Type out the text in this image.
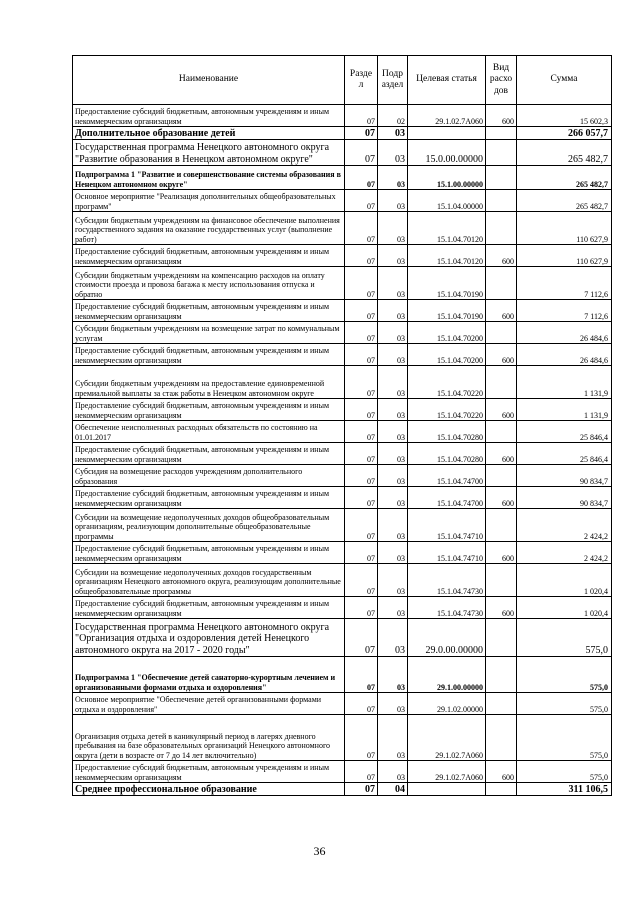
Наименование	Разде л	Подр аздел	Целевая статья	Вид расхо дов	Сумма
Предоставление субсидий бюджетным, автономным учреждениям и иным некоммерческим организациям	07	02	29.1.02.7А060	600	15 602,3
Дополнительное образование детей	07	03			266 057,7
Государственная программа Ненецкого автономного округа "Развитие образования в Ненецком автономном округе"	07	03	15.0.00.00000		265 482,7
Подпрограмма 1 "Развитие и совершенствование системы образования в Ненецком автономном округе"	07	03	15.1.00.00000		265 482,7
Основное мероприятие "Реализация дополнительных общеобразовательных программ"	07	03	15.1.04.00000		265 482,7
Субсидии бюджетным учреждениям на финансовое обеспечение выполнения государственного задания на оказание государственных услуг (выполнение работ)	07	03	15.1.04.70120		110 627,9
Предоставление субсидий бюджетным, автономным учреждениям и иным некоммерческим организациям	07	03	15.1.04.70120	600	110 627,9
Субсидии бюджетным учреждениям на компенсацию расходов на оплату стоимости проезда и провоза багажа к месту использования отпуска и обратно	07	03	15.1.04.70190		7 112,6
Предоставление субсидий бюджетным, автономным учреждениям и иным некоммерческим организациям	07	03	15.1.04.70190	600	7 112,6
Субсидии бюджетным учреждениям на возмещение затрат по коммунальным услугам	07	03	15.1.04.70200		26 484,6
Предоставление субсидий бюджетным, автономным учреждениям и иным некоммерческим организациям	07	03	15.1.04.70200	600	26 484,6
Субсидии бюджетным учреждениям на предоставление единовременной премиальной выплаты за стаж работы в Ненецком автономном округе	07	03	15.1.04.70220		1 131,9
Предоставление субсидий бюджетным, автономным учреждениям и иным некоммерческим организациям	07	03	15.1.04.70220	600	1 131,9
Обеспечение неисполненных расходных обязательств по состоянию на 01.01.2017	07	03	15.1.04.70280		25 846,4
Предоставление субсидий бюджетным, автономным учреждениям и иным некоммерческим организациям	07	03	15.1.04.70280	600	25 846,4
Субсидия на возмещение расходов учреждениям дополнительного образования	07	03	15.1.04.74700		90 834,7
Предоставление субсидий бюджетным, автономным учреждениям и иным некоммерческим организациям	07	03	15.1.04.74700	600	90 834,7
Субсидии на возмещение недополученных доходов общеобразовательным организациям, реализующим дополнительные общеобразовательные программы	07	03	15.1.04.74710		2 424,2
Предоставление субсидий бюджетным, автономным учреждениям и иным некоммерческим организациям	07	03	15.1.04.74710	600	2 424,2
Субсидии на возмещение недополученных доходов государственным организациям Ненецкого автономного округа, реализующим дополнительные общеобразовательные программы	07	03	15.1.04.74730		1 020,4
Предоставление субсидий бюджетным, автономным учреждениям и иным некоммерческим организациям	07	03	15.1.04.74730	600	1 020,4
Государственная программа Ненецкого автономного округа "Организация отдыха и оздоровления детей Ненецкого автономного округа на 2017 - 2020 годы"	07	03	29.0.00.00000		575,0
Подпрограмма 1 "Обеспечение детей санаторно-курортным лечением и организованными формами отдыха и оздоровления"	07	03	29.1.00.00000		575,0
Основное мероприятие "Обеспечение детей организованными формами отдыха и оздоровления"	07	03	29.1.02.00000		575,0
Организация отдыха детей в каникулярный период в лагерях дневного пребывания на базе образовательных организаций Ненецкого автономного округа (дети в возрасте от 7 до 14 лет включительно)	07	03	29.1.02.7А060		575,0
Предоставление субсидий бюджетным, автономным учреждениям и иным некоммерческим организациям	07	03	29.1.02.7А060	600	575,0
Среднее профессиональное образование	07	04			311 106,5
36
